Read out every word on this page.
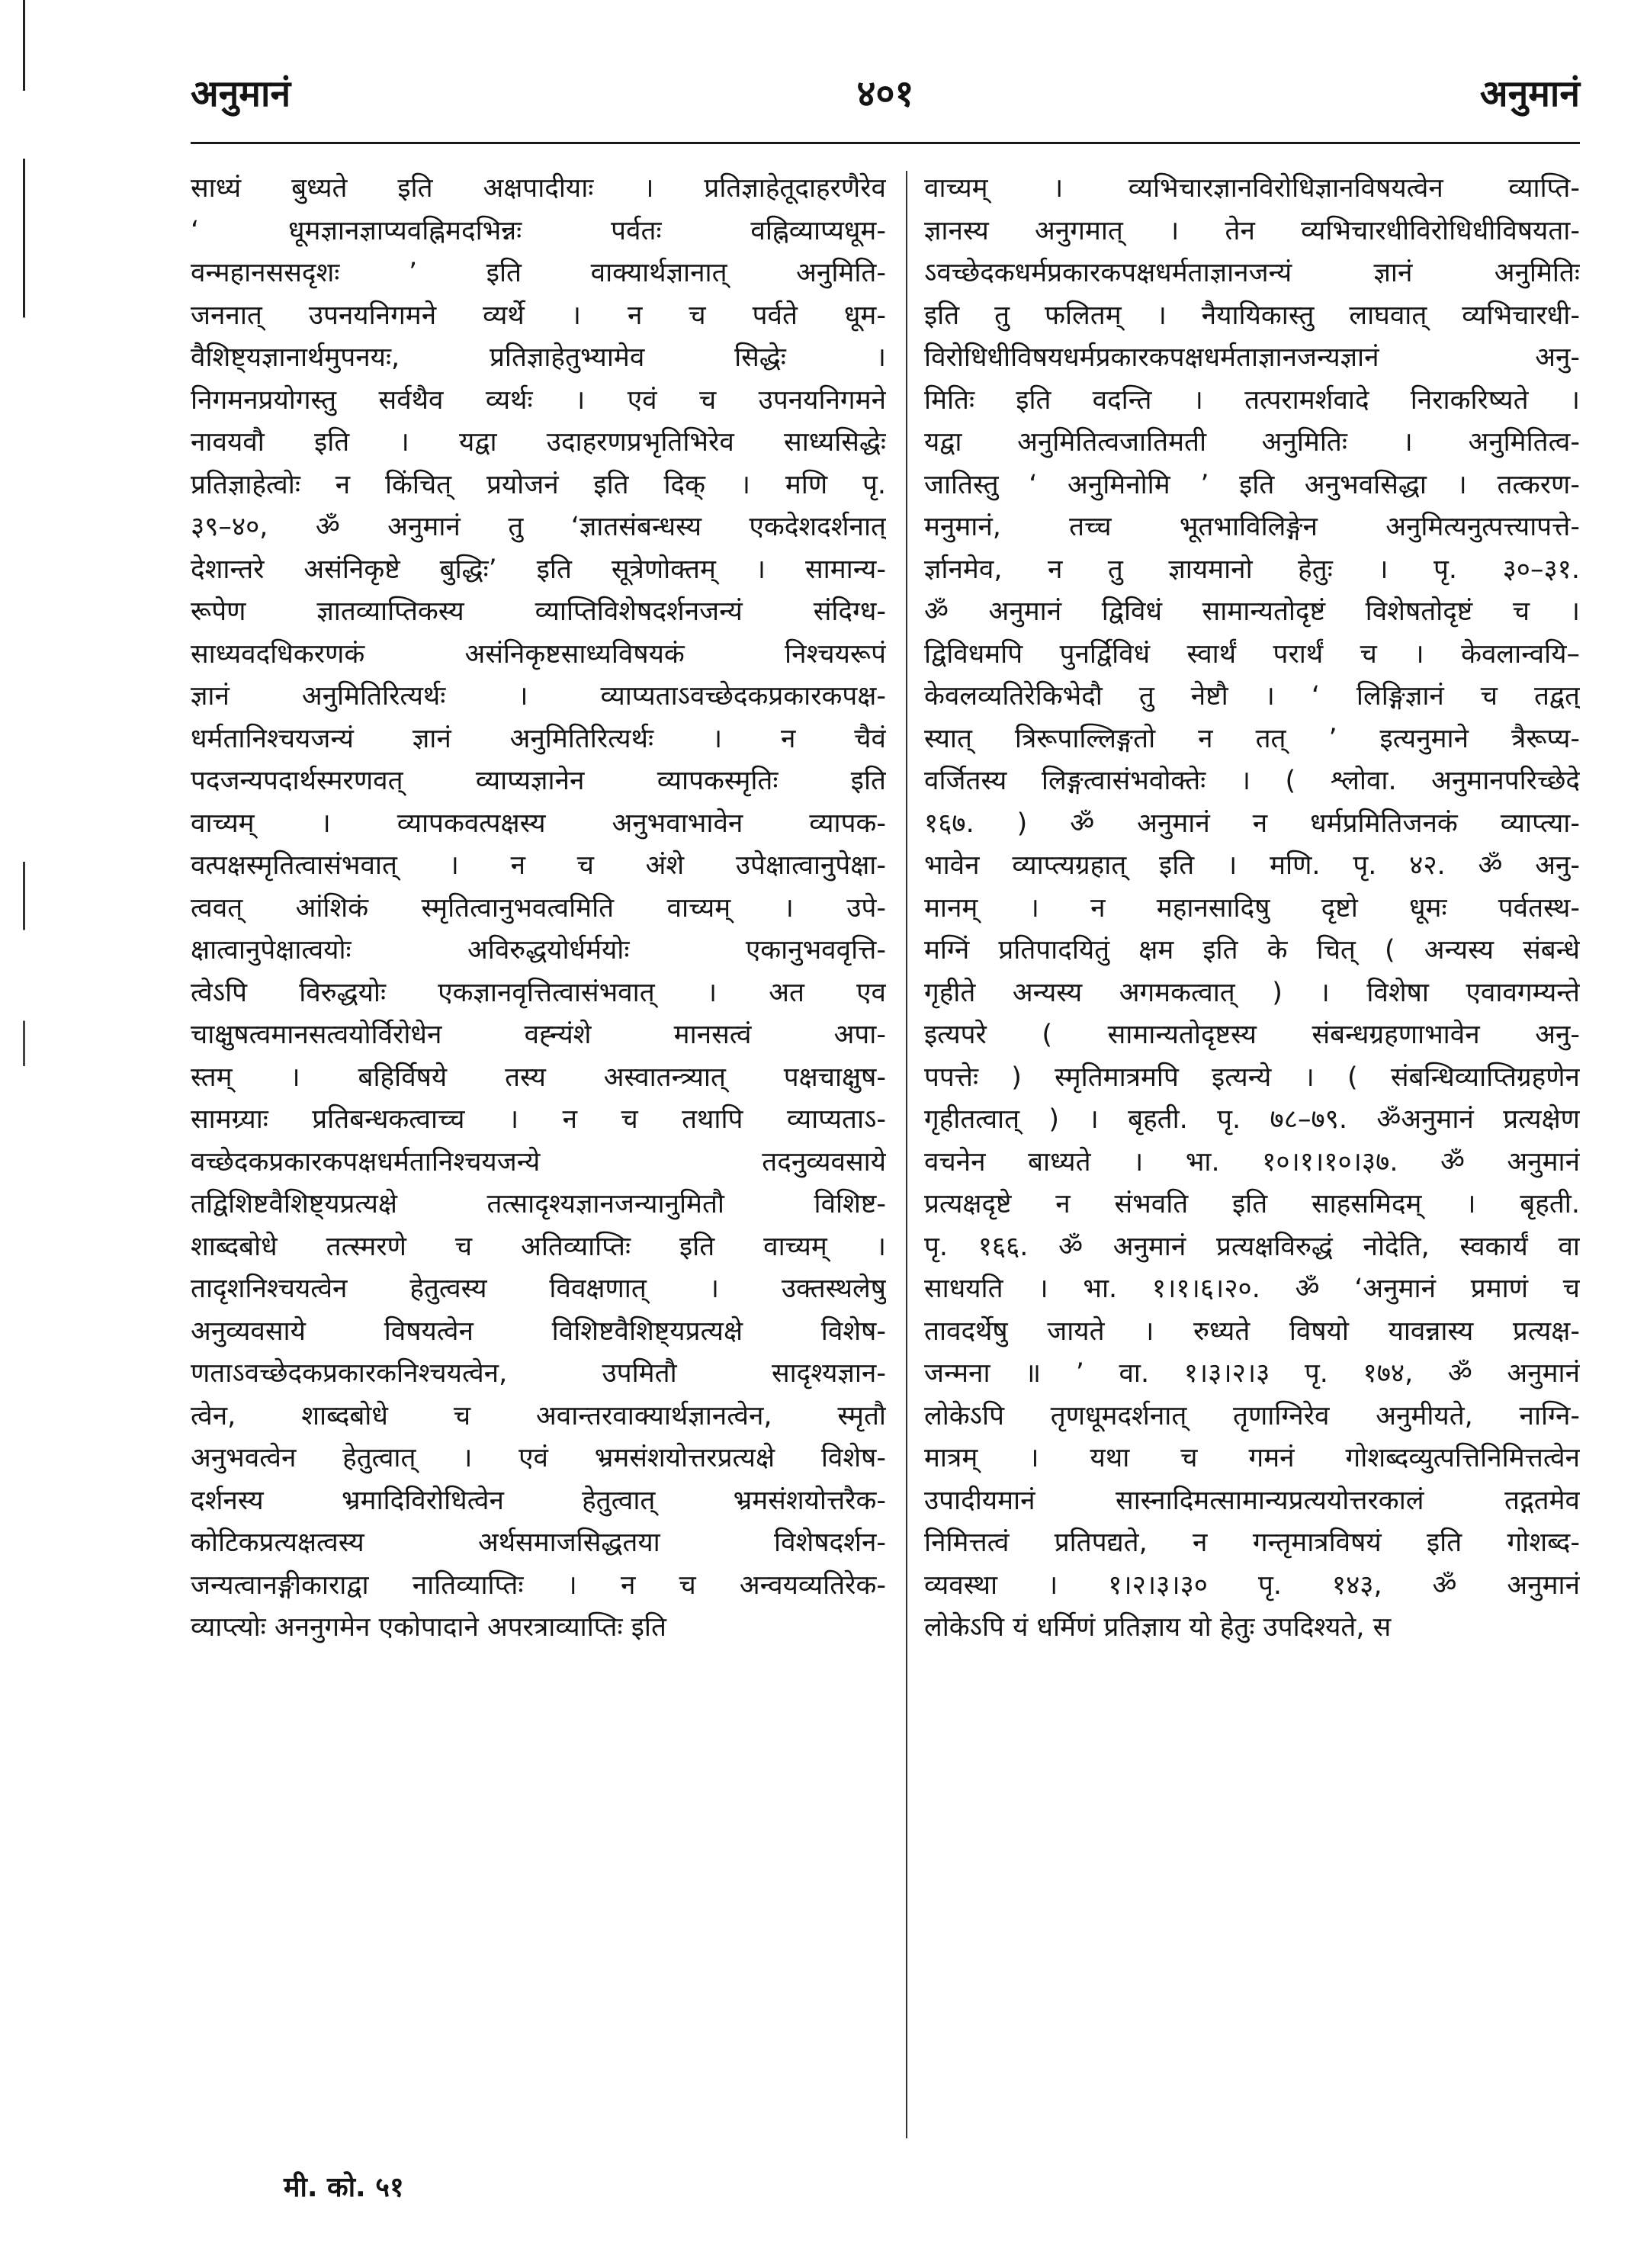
अनुमानं	४०१	अनुमानं
साध्यं बुध्यते इति अक्षपादीयाः । प्रतिज्ञाहेतूदाहरणैरेव
‘ धूमज्ञानज्ञाप्यवह्निमदभिन्नः पर्वतः वह्निव्याप्यधूम-
वन्महानससदृशः ’ इति वाक्यार्थज्ञानात् अनुमिति-
जननात् उपनयनिगमने व्यर्थे । न च पर्वते धूम-
वैशिष्ट्यज्ञानार्थमुपनयः, प्रतिज्ञाहेतुभ्यामेव सिद्धेः ।
निगमनप्रयोगस्तु सर्वथैव व्यर्थः । एवं च उपनयनिगमने
नावयवौ इति । यद्वा उदाहरणप्रभृतिभिरेव साध्यसिद्धेः
प्रतिज्ञाहेत्वोः न किंचित् प्रयोजनं इति दिक् । मणि पृ.
३९–४०, ॐ अनुमानं तु ‘ज्ञातसंबन्धस्य एकदेशदर्शनात्
देशान्तरे असंनिकृष्टे बुद्धिः’ इति सूत्रेणोक्तम् । सामान्य-
रूपेण ज्ञातव्याप्तिकस्य व्याप्तिविशेषदर्शनजन्यं संदिग्ध-
साध्यवदधिकरणकं असंनिकृष्टसाध्यविषयकं निश्चयरूपं
ज्ञानं अनुमितिरित्यर्थः । व्याप्यताऽवच्छेदकप्रकारकपक्ष-
धर्मतानिश्चयजन्यं ज्ञानं अनुमितिरित्यर्थः । न चैवं
पदजन्यपदार्थस्मरणवत् व्याप्यज्ञानेन व्यापकस्मृतिः इति
वाच्यम् । व्यापकवत्पक्षस्य अनुभवाभावेन व्यापक-
वत्पक्षस्मृतित्वासंभवात् । न च अंशे उपेक्षात्वानुपेक्षा-
त्ववत् आंशिकं स्मृतित्वानुभवत्वमिति वाच्यम् । उपे-
क्षात्वानुपेक्षात्वयोः अविरुद्धयोर्धर्मयोः एकानुभववृत्ति-
त्वेऽपि विरुद्धयोः एकज्ञानवृत्तित्वासंभवात् । अत एव
चाक्षुषत्वमानसत्वयोर्विरोधेन वह्न्यंशे मानसत्वं अपा-
स्तम् । बहिर्विषये तस्य अस्वातन्त्र्यात् पक्षचाक्षुष-
सामग्र्याः प्रतिबन्धकत्वाच्च । न च तथापि व्याप्यताऽ-
वच्छेदकप्रकारकपक्षधर्मतानिश्चयजन्ये तदनुव्यवसाये
तद्विशिष्टवैशिष्ट्यप्रत्यक्षे तत्सादृश्यज्ञानजन्यानुमितौ विशिष्ट-
शाब्दबोधे तत्स्मरणे च अतिव्याप्तिः इति वाच्यम् ।
तादृशनिश्चयत्वेन हेतुत्वस्य विवक्षणात् । उक्तस्थलेषु
अनुव्यवसाये विषयत्वेन विशिष्टवैशिष्ट्यप्रत्यक्षे विशेष-
णताऽवच्छेदकप्रकारकनिश्चयत्वेन, उपमितौ सादृश्यज्ञान-
त्वेन, शाब्दबोधे च अवान्तरवाक्यार्थज्ञानत्वेन, स्मृतौ
अनुभवत्वेन हेतुत्वात् । एवं भ्रमसंशयोत्तरप्रत्यक्षे विशेष-
दर्शनस्य भ्रमादिविरोधित्वेन हेतुत्वात् भ्रमसंशयोत्तरैक-
कोटिकप्रत्यक्षत्वस्य अर्थसमाजसिद्धतया विशेषदर्शन-
जन्यत्वानङ्गीकाराद्वा नातिव्याप्तिः । न च अन्वयव्यतिरेक-
व्याप्त्योः अननुगमेन एकोपादाने अपरत्राव्याप्तिः इति
वाच्यम् । व्यभिचारज्ञानविरोधिज्ञानविषयत्वेन व्याप्ति-
ज्ञानस्य अनुगमात् । तेन व्यभिचारधीविरोधिधीविषयता-
ऽवच्छेदकधर्मप्रकारकपक्षधर्मताज्ञानजन्यं ज्ञानं अनुमितिः
इति तु फलितम् । नैयायिकास्तु लाघवात् व्यभिचारधी-
विरोधिधीविषयधर्मप्रकारकपक्षधर्मताज्ञानजन्यज्ञानं अनु-
मितिः इति वदन्ति । तत्परामर्शवादे निराकरिष्यते ।
यद्वा अनुमितित्वजातिमती अनुमितिः । अनुमितित्व-
जातिस्तु ‘ अनुमिनोमि ’ इति अनुभवसिद्धा । तत्करण-
मनुमानं, तच्च भूतभाविलिङ्गेन अनुमित्यनुत्पत्त्यापत्ते-
र्ज्ञानमेव, न तु ज्ञायमानो हेतुः । पृ. ३०–३१.
ॐ अनुमानं द्विविधं सामान्यतोदृष्टं विशेषतोदृष्टं च ।
द्विविधमपि पुनर्द्विविधं स्वार्थं परार्थं च । केवलान्वयि–
केवलव्यतिरेकिभेदौ तु नेष्टौ । ‘ लिङ्गिज्ञानं च तद्वत्
स्यात् त्रिरूपाल्लिङ्गतो न तत् ’ इत्यनुमाने त्रैरूप्य-
वर्जितस्य लिङ्गत्वासंभवोक्तेः । ( श्लोवा. अनुमानपरिच्छेदे
१६७. ) ॐ अनुमानं न धर्मप्रमितिजनकं व्याप्त्या-
भावेन व्याप्त्यग्रहात् इति । मणि. पृ. ४२. ॐ अनु-
मानम् । न महानसादिषु दृष्टो धूमः पर्वतस्थ-
मग्निं प्रतिपादयितुं क्षम इति के चित् ( अन्यस्य संबन्धे
गृहीते अन्यस्य अगमकत्वात् ) । विशेषा एवावगम्यन्ते
इत्यपरे ( सामान्यतोदृष्टस्य संबन्धग्रहणाभावेन अनु-
पपत्तेः ) स्मृतिमात्रमपि इत्यन्ये । ( संबन्धिव्याप्तिग्रहणेन
गृहीतत्वात् ) । बृहती. पृ. ७८–७९. ॐअनुमानं प्रत्यक्षेण
वचनेन बाध्यते । भा. १०।१।१०।३७. ॐ अनुमानं
प्रत्यक्षदृष्टे न संभवति इति साहसमिदम् । बृहती.
पृ. १६६. ॐ अनुमानं प्रत्यक्षविरुद्धं नोदेति, स्वकार्यं वा
साधयति । भा. १।१।६।२०. ॐ ‘अनुमानं प्रमाणं च
तावदर्थेषु जायते । रुध्यते विषयो यावन्नास्य प्रत्यक्ष-
जन्मना ॥ ’ वा. १।३।२।३ पृ. १७४, ॐ अनुमानं
लोकेऽपि तृणधूमदर्शनात् तृणाग्निरेव अनुमीयते, नाग्नि-
मात्रम् । यथा च गमनं गोशब्दव्युत्पत्तिनिमित्तत्वेन
उपादीयमानं सास्नादिमत्सामान्यप्रत्ययोत्तरकालं तद्गतमेव
निमित्तत्वं प्रतिपद्यते, न गन्तृमात्रविषयं इति गोशब्द-
व्यवस्था । १।२।३।३० पृ. १४३, ॐ अनुमानं
लोकेऽपि यं धर्मिणं प्रतिज्ञाय यो हेतुः उपदिश्यते, स
मी. को. ५१
